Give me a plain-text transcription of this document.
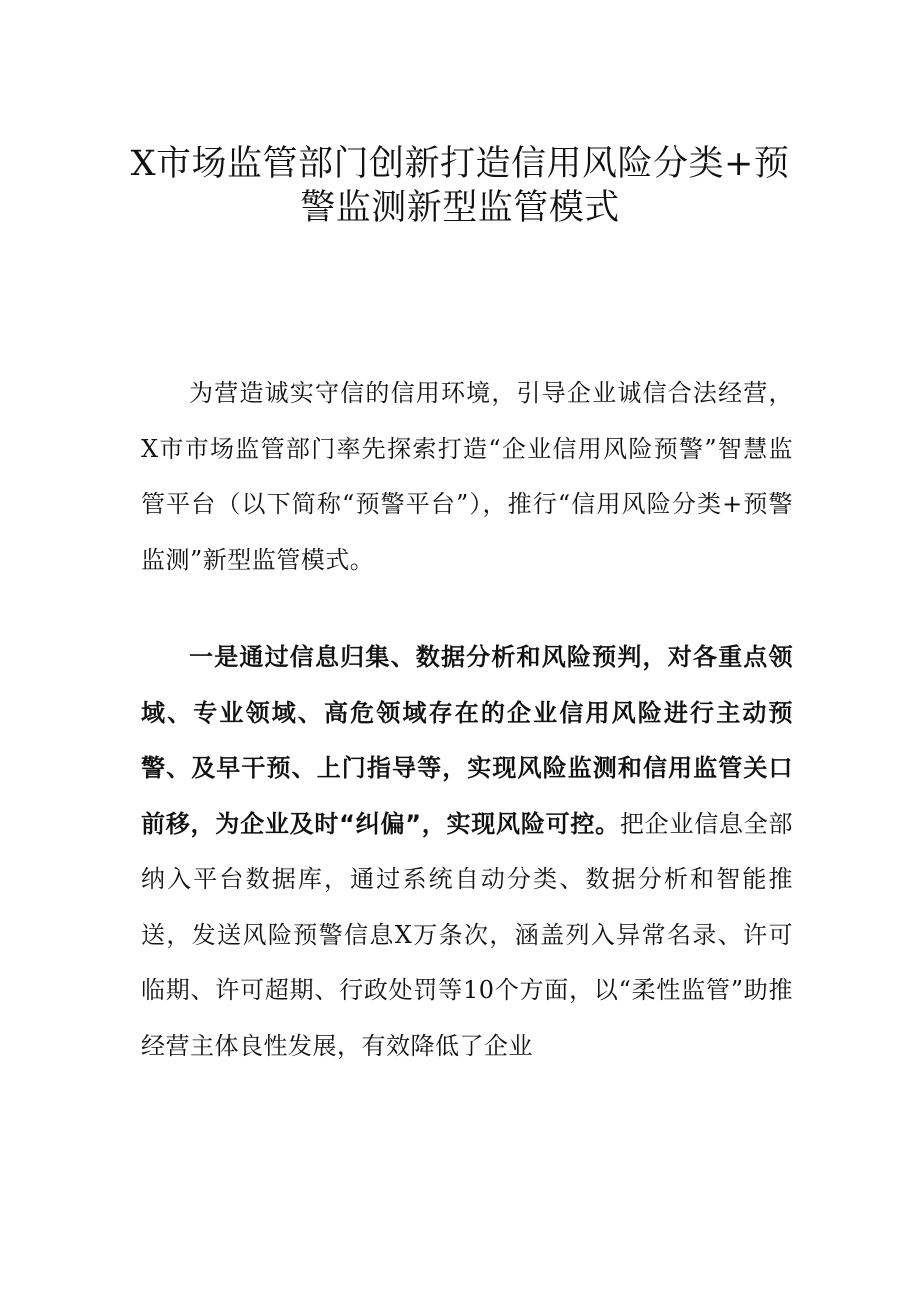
X市场监管部门创新打造信用风险分类+预
警监测新型监管模式

为营造诚实守信的信用环境，引导企业诚信合法经营，X市市场监管部门率先探索打造“企业信用风险预警”智慧监管平台（以下简称“预警平台”），推行“信用风险分类+预警监测”新型监管模式。

一是通过信息归集、数据分析和风险预判，对各重点领域、专业领域、高危领域存在的企业信用风险进行主动预警、及早干预、上门指导等，实现风险监测和信用监管关口前移，为企业及时“纠偏”，实现风险可控。把企业信息全部纳入平台数据库，通过系统自动分类、数据分析和智能推送，发送风险预警信息X万条次，涵盖列入异常名录、许可临期、许可超期、行政处罚等10个方面，以“柔性监管”助推经营主体良性发展，有效降低了企业
